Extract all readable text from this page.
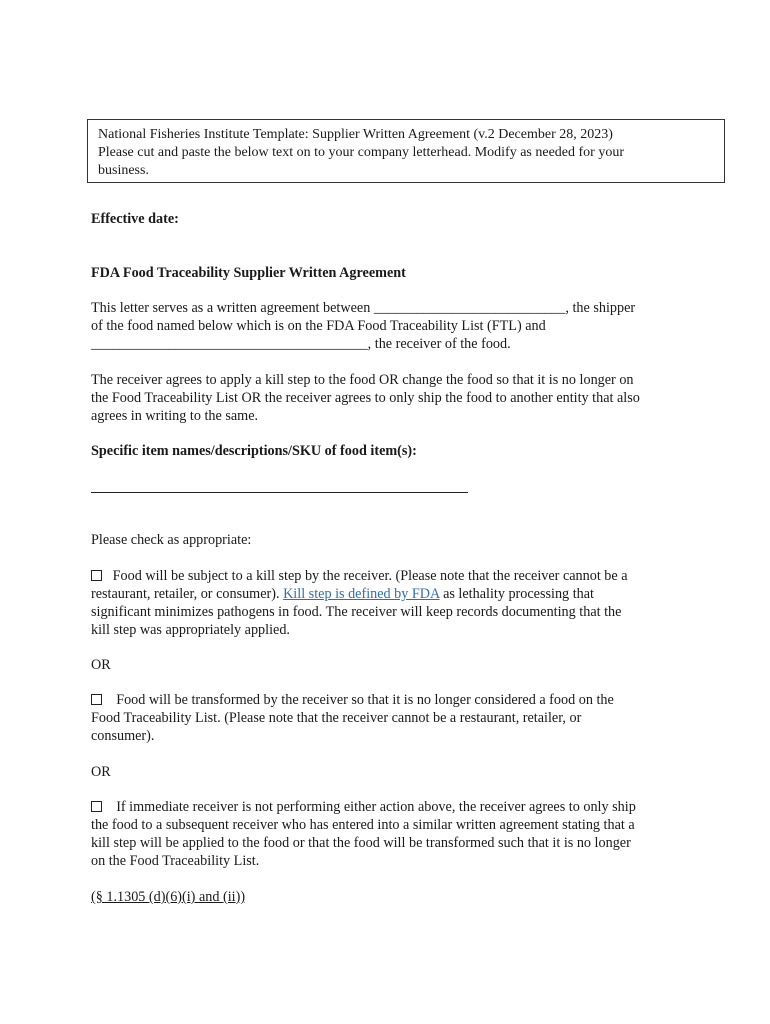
National Fisheries Institute Template: Supplier Written Agreement (v.2 December 28, 2023)
Please cut and paste the below text on to your company letterhead. Modify as needed for your
business.
Effective date:
FDA Food Traceability Supplier Written Agreement
This letter serves as a written agreement between ___________________________, the shipper
of the food named below which is on the FDA Food Traceability List (FTL) and
_______________________________________, the receiver of the food.
The receiver agrees to apply a kill step to the food OR change the food so that it is no longer on
the Food Traceability List OR the receiver agrees to only ship the food to another entity that also
agrees in writing to the same.
Specific item names/descriptions/SKU of food item(s):
Please check as appropriate:
Food will be subject to a kill step by the receiver. (Please note that the receiver cannot be a
restaurant, retailer, or consumer). Kill step is defined by FDA as lethality processing that
significant minimizes pathogens in food. The receiver will keep records documenting that the
kill step was appropriately applied.
OR
Food will be transformed by the receiver so that it is no longer considered a food on the
Food Traceability List. (Please note that the receiver cannot be a restaurant, retailer, or
consumer).
OR
If immediate receiver is not performing either action above, the receiver agrees to only ship
the food to a subsequent receiver who has entered into a similar written agreement stating that a
kill step will be applied to the food or that the food will be transformed such that it is no longer
on the Food Traceability List.
(§ 1.1305 (d)(6)(i) and (ii))
